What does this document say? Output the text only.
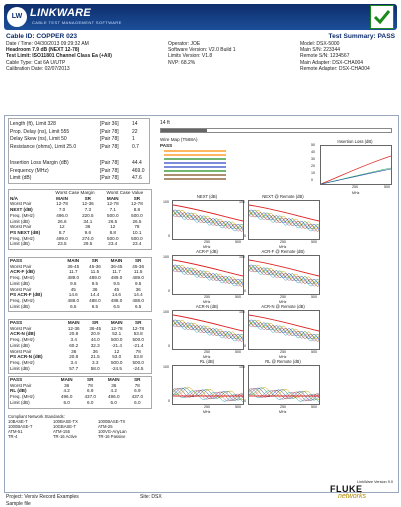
LW LINKWARE
CABLE TEST MANAGEMENT SOFTWARE
Cable ID: COPPER 023	Test Summary: PASS
Date / Time: 04/30/2013 09:29:32 AM
Headroom 7.9 dB (NEXT 12-78)
Test Limit: ISO11801 Channel Class Ea (+All)
Cable Type: Cat 6A U/UTP
Calibration Date: 02/07/2013
Operator: JOE
Software Version: V2.0 Build 1
Limits Version: V1.8
NVP: 68.2%
Model: DSX-5000
Main S/N: 223344
Remote S/N: 1234567
Main Adapter: DSX-CHA004
Remote Adapter: DSX-CHA004
Length (ft), Limit 328	[Pair 36]	14
Prop. Delay (ns), Limit 555	[Pair 78]	22
Delay Skew (ns), Limit 50	[Pair 78]	1
Resistance (ohms), Limit 25.0	[Pair 78]	0.7
Insertion Loss Margin (dB)	[Pair 78]	44.4
Frequency (MHz)	[Pair 78]	469.0
Limit (dB)	[Pair 78]	47.6
14 ft
Wire Map (T568A)
PASS
Insertion Loss (dB)
50
40
30
20
10
0
250	500
MHz
	Worst Case Margin		Worst Case Value	
N/A	MAIN	SR	MAIN	SR
Worst Pair	12-78	12-36	12-78	12-78
NEXT (dB)	7.0	7.3	7.1	8.8
Freq. (MHz)	496.0	220.5	500.0	500.0
Limit (dB)	26.6	34.1	26.5	26.5
Worst Pair	12	36	12	78
PS NEXT (dB)	8.7	9.6	8.8	10.1
Freq. (MHz)	499.0	274.0	500.0	500.0
Limit (dB)	23.5	29.5	23.4	23.4
PASS	MAIN	SR	MAIN	SR
Worst Pair	36-45	45-36	36-45	45-36
ACR-F (dB)	11.7	11.5	11.7	11.5
Freq. (MHz)	489.0	489.0	489.0	489.0
Limit (dB)	9.5	9.5	9.5	9.5
Worst Pair	45	36	45	36
PS ACR-F (dB)	14.6	14.4	14.6	14.4
Freq. (MHz)	488.0	488.0	488.0	488.0
Limit (dB)	6.5	6.5	6.5	6.5
PASS	MAIN	SR	MAIN	SR
Worst Pair	12-36	36-45	12-78	12-78
ACR-N (dB)	20.8	20.9	52.1	53.8
Freq. (MHz)	3.4	44.0	500.0	500.0
Limit (dB)	60.2	32.3	-21.4	-21.4
Worst Pair	36	36	12	78
PS ACR-N (dB)	20.8	21.5	53.0	53.8
Freq. (MHz)	3.4	3.3	500.0	500.0
Limit (dB)	57.7	58.0	-24.5	-24.5
PASS	MAIN	SR	MAIN	SR
Worst Pair	36	78	36	78
RL (dB)	4.2	6.9	4.2	6.9
Freq. (MHz)	496.0	437.0	496.0	437.0
Limit (dB)	6.0	6.0	6.0	6.0
NEXT (dB)
100
0
250	500
MHz
NEXT @ Remote (dB)
100
0
250	500
MHz
ACR-F (dB)
100
0
250	500
MHz
ACR-F @ Remote (dB)
100
0
250	500
MHz
ACR-N (dB)
100
0
250	500
MHz
ACR-N @ Remote (dB)
100
0
250	500
MHz
RL (dB)
100
0
250	500
MHz
RL @ Remote (dB)
100
0
250	500
MHz
Compliant Network Standards:
10BASE-T	100BASE-TX	1000BASE-TX
1000BASE-T	10GBASE-T	ATM-25
ATM-51	ATM-155	100VG-AnyLan
TR-4	TR-16 Active	TR-16 Passive
LinkWare Version 9.0
Project: Versiv Record Examples
Sample file
Site: DSX
FLUKE
networks
